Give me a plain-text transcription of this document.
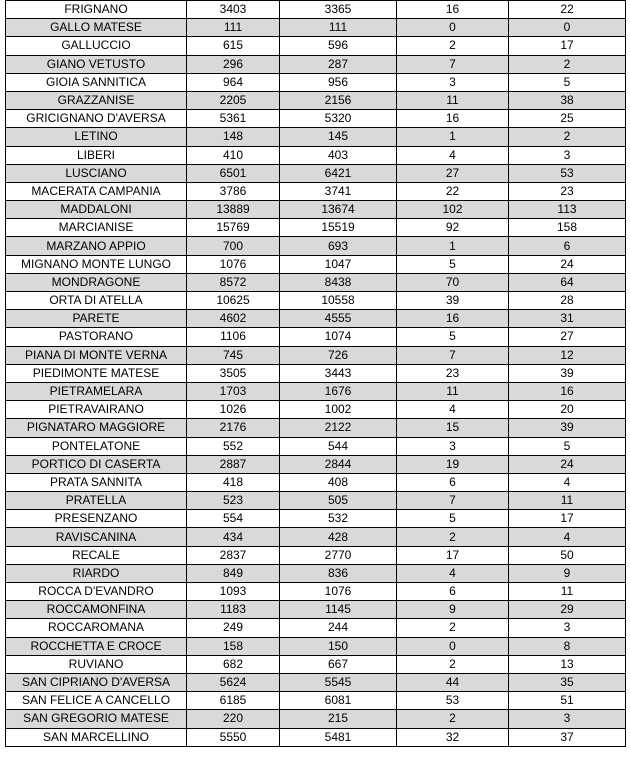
FRIGNANO	3403	3365	16	22
GALLO MATESE	111	111	0	0
GALLUCCIO	615	596	2	17
GIANO VETUSTO	296	287	7	2
GIOIA SANNITICA	964	956	3	5
GRAZZANISE	2205	2156	11	38
GRICIGNANO D'AVERSA	5361	5320	16	25
LETINO	148	145	1	2
LIBERI	410	403	4	3
LUSCIANO	6501	6421	27	53
MACERATA CAMPANIA	3786	3741	22	23
MADDALONI	13889	13674	102	113
MARCIANISE	15769	15519	92	158
MARZANO APPIO	700	693	1	6
MIGNANO MONTE LUNGO	1076	1047	5	24
MONDRAGONE	8572	8438	70	64
ORTA DI ATELLA	10625	10558	39	28
PARETE	4602	4555	16	31
PASTORANO	1106	1074	5	27
PIANA DI MONTE VERNA	745	726	7	12
PIEDIMONTE MATESE	3505	3443	23	39
PIETRAMELARA	1703	1676	11	16
PIETRAVAIRANO	1026	1002	4	20
PIGNATARO MAGGIORE	2176	2122	15	39
PONTELATONE	552	544	3	5
PORTICO DI CASERTA	2887	2844	19	24
PRATA SANNITA	418	408	6	4
PRATELLA	523	505	7	11
PRESENZANO	554	532	5	17
RAVISCANINA	434	428	2	4
RECALE	2837	2770	17	50
RIARDO	849	836	4	9
ROCCA D'EVANDRO	1093	1076	6	11
ROCCAMONFINA	1183	1145	9	29
ROCCAROMANA	249	244	2	3
ROCCHETTA E CROCE	158	150	0	8
RUVIANO	682	667	2	13
SAN CIPRIANO D'AVERSA	5624	5545	44	35
SAN FELICE A CANCELLO	6185	6081	53	51
SAN GREGORIO MATESE	220	215	2	3
SAN MARCELLINO	5550	5481	32	37
